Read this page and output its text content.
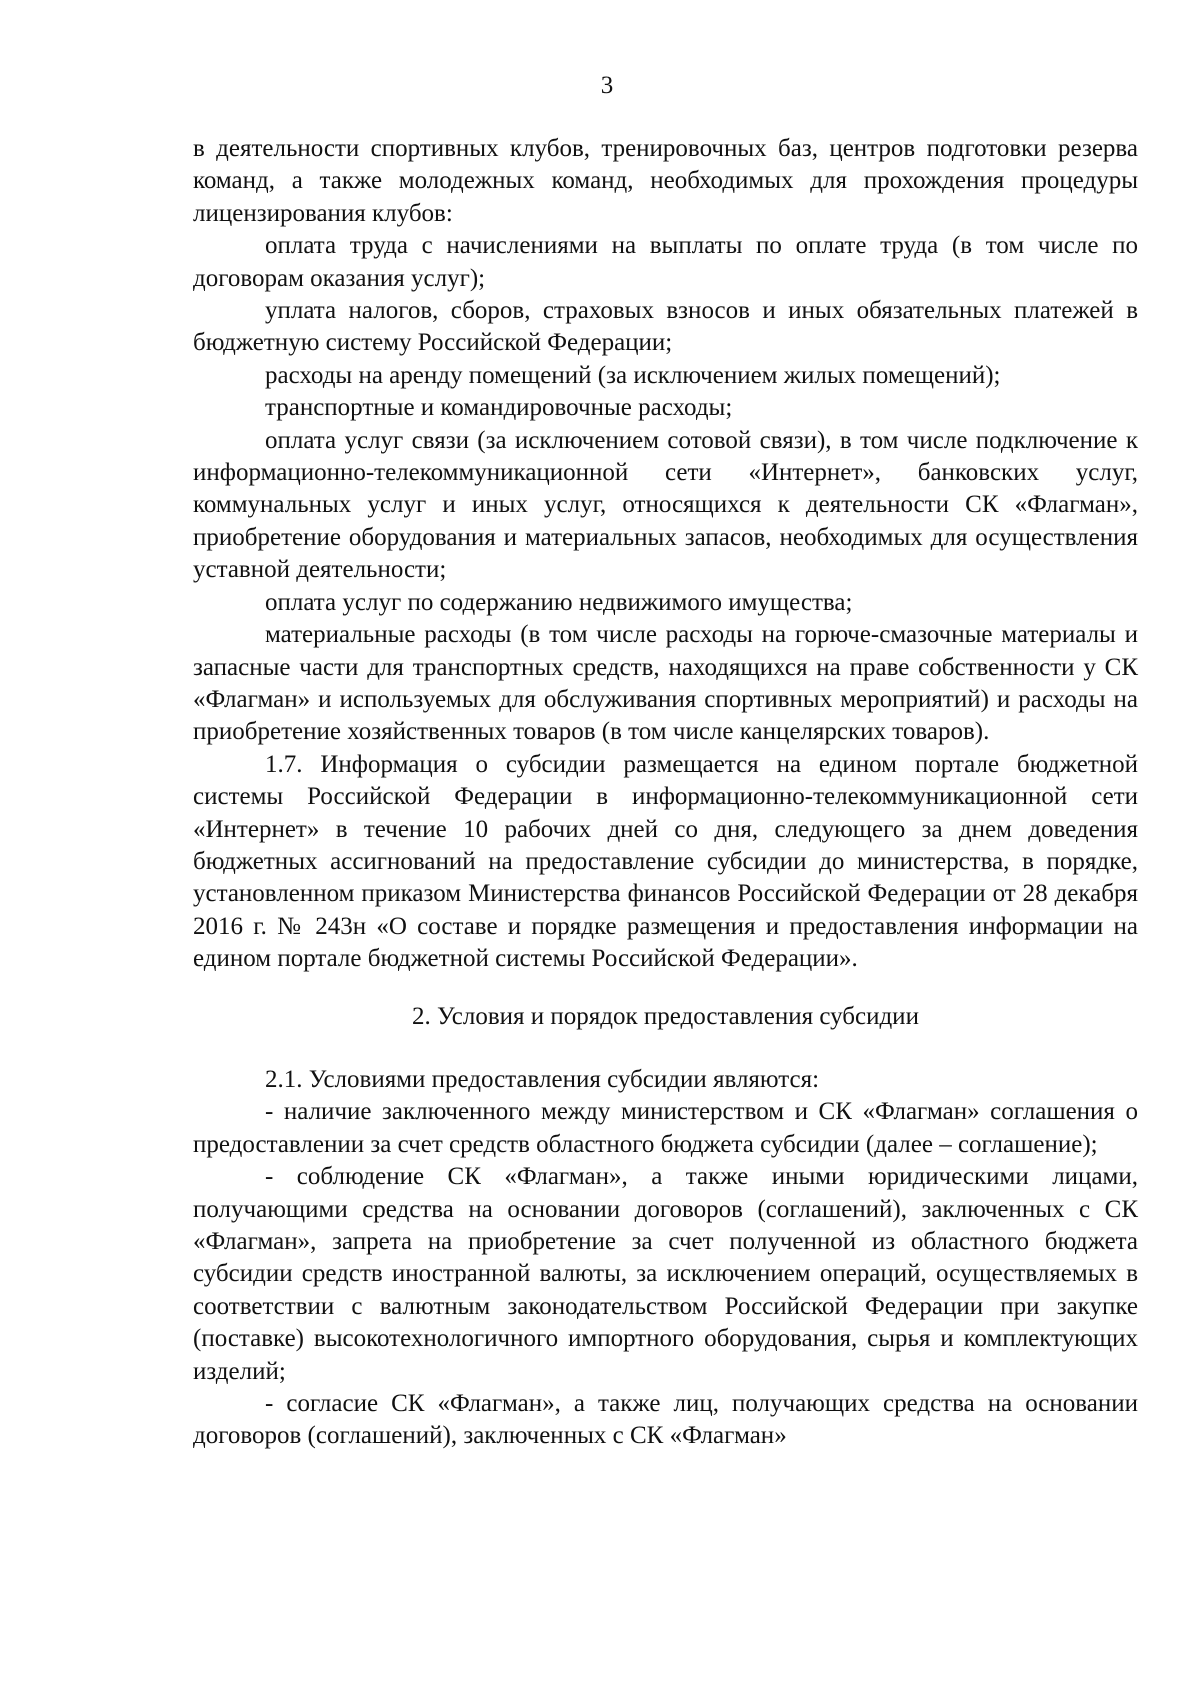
3

в деятельности спортивных клубов, тренировочных баз, центров подготовки резерва команд, а также молодежных команд, необходимых для прохождения процедуры лицензирования клубов:

оплата труда с начислениями на выплаты по оплате труда (в том числе по договорам оказания услуг);

уплата налогов, сборов, страховых взносов и иных обязательных платежей в бюджетную систему Российской Федерации;

расходы на аренду помещений (за исключением жилых помещений);

транспортные и командировочные расходы;

оплата услуг связи (за исключением сотовой связи), в том числе подключение к информационно-телекоммуникационной сети «Интернет», банковских услуг, коммунальных услуг и иных услуг, относящихся к деятельности СК «Флагман», приобретение оборудования и материальных запасов, необходимых для осуществления уставной деятельности;

оплата услуг по содержанию недвижимого имущества;

материальные расходы (в том числе расходы на горюче-смазочные материалы и запасные части для транспортных средств, находящихся на праве собственности у СК «Флагман» и используемых для обслуживания спортивных мероприятий) и расходы на приобретение хозяйственных товаров (в том числе канцелярских товаров).

1.7. Информация о субсидии размещается на едином портале бюджетной системы Российской Федерации в информационно-телекоммуникационной сети «Интернет» в течение 10 рабочих дней со дня, следующего за днем доведения бюджетных ассигнований на предоставление субсидии до министерства, в порядке, установленном приказом Министерства финансов Российской Федерации от 28 декабря 2016 г. № 243н «О составе и порядке размещения и предоставления информации на едином портале бюджетной системы Российской Федерации».

2. Условия и порядок предоставления субсидии

2.1. Условиями предоставления субсидии являются:

- наличие заключенного между министерством и СК «Флагман» соглашения о предоставлении за счет средств областного бюджета субсидии (далее – соглашение);

- соблюдение СК «Флагман», а также иными юридическими лицами, получающими средства на основании договоров (соглашений), заключенных с СК «Флагман», запрета на приобретение за счет полученной из областного бюджета субсидии средств иностранной валюты, за исключением операций, осуществляемых в соответствии с валютным законодательством Российской Федерации при закупке (поставке) высокотехнологичного импортного оборудования, сырья и комплектующих изделий;

- согласие СК «Флагман», а также лиц, получающих средства на основании договоров (соглашений), заключенных с СК «Флагман»
